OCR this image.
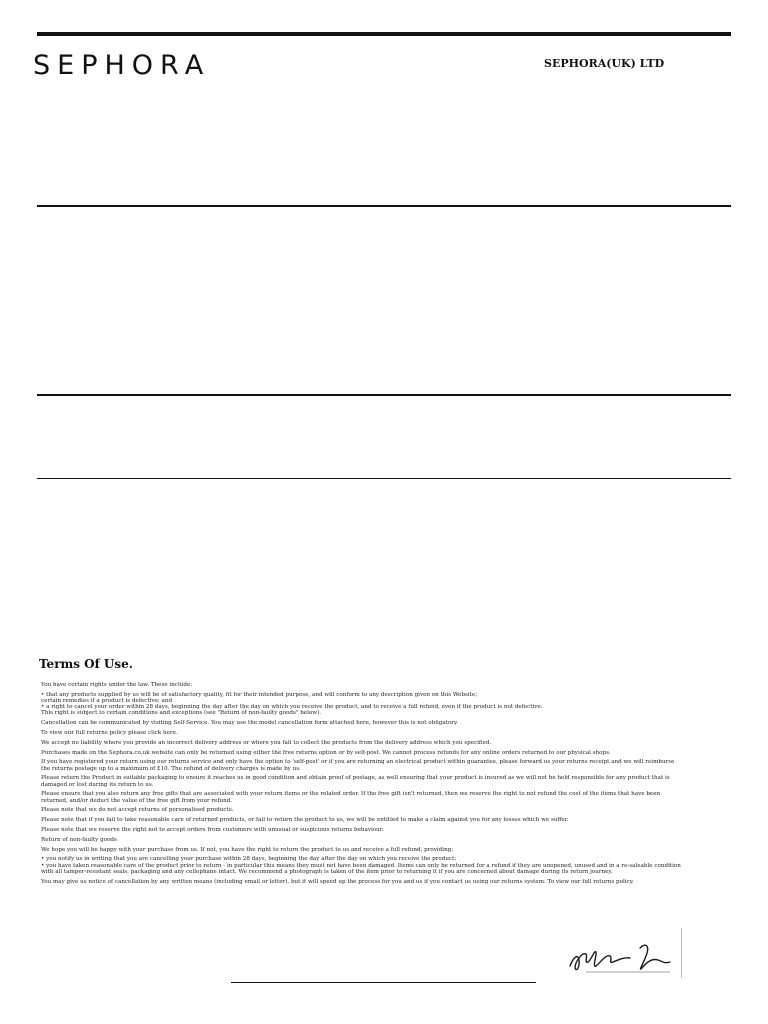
SEPHORA	SEPHORA(UK) LTD
Terms Of Use.

You have certain rights under the law. These include:

• that any products supplied by us will be of satisfactory quality, fit for their intended purpose, and will conform to any description given on this Website;

certain remedies if a product is defective; and

• a right to cancel your order within 28 days, beginning the day after the day on which you receive the product, and to receive a full refund, even if the product is not defective.

This right is subject to certain conditions and exceptions (see "Return of non-faulty goods" below).

Cancellation can be communicated by visiting Self-Service. You may use the model cancellation form attached here, however this is not obligatory.

To view our full returns policy please click here.

We accept no liability where you provide an incorrect delivery address or where you fail to collect the products from the delivery address which you specified.

Purchases made on the Sephora.co.uk website can only be returned using either the free returns option or by self-post. We cannot process refunds for any online orders returned to our physical shops.

If you have registered your return using our returns service and only have the option to 'self-post' or if you are returning an electrical product within guarantee, please forward us your returns receipt and we will reimburse the returns postage up to a maximum of £10. The refund of delivery charges is made by us.

Please return the Product in suitable packaging to ensure it reaches us in good condition and obtain proof of postage, as well ensuring that your product is insured as we will not be held responsible for any product that is damaged or lost during its return to us.

Please ensure that you also return any free gifts that are associated with your return items or the related order. If the free gift isn't returned, then we reserve the right to not refund the cost of the items that have been returned, and/or deduct the value of the free gift from your refund.

Please note that we do not accept returns of personalised products.

Please note that if you fail to take reasonable care of returned products, or fail to return the product to us, we will be entitled to make a claim against you for any losses which we suffer.

Please note that we reserve the right not to accept orders from customers with unusual or suspicious returns behaviour.

Return of non-faulty goods

We hope you will be happy with your purchase from us. If not, you have the right to return the product to us and receive a full refund, providing:

• you notify us in writing that you are cancelling your purchase within 28 days, beginning the day after the day on which you receive the product;

• you have taken reasonable care of the product prior to return - in particular this means they must not have been damaged. Items can only be returned for a refund if they are unopened, unused and in a re-saleable condition with all tamper-resistant seals, packaging and any cellophane intact. We recommend a photograph is taken of the item prior to returning it if you are concerned about damage during its return journey.

You may give us notice of cancellation by any written means (including email or letter), but it will speed up the process for you and us if you contact us using our returns system. To view our full returns policy.
